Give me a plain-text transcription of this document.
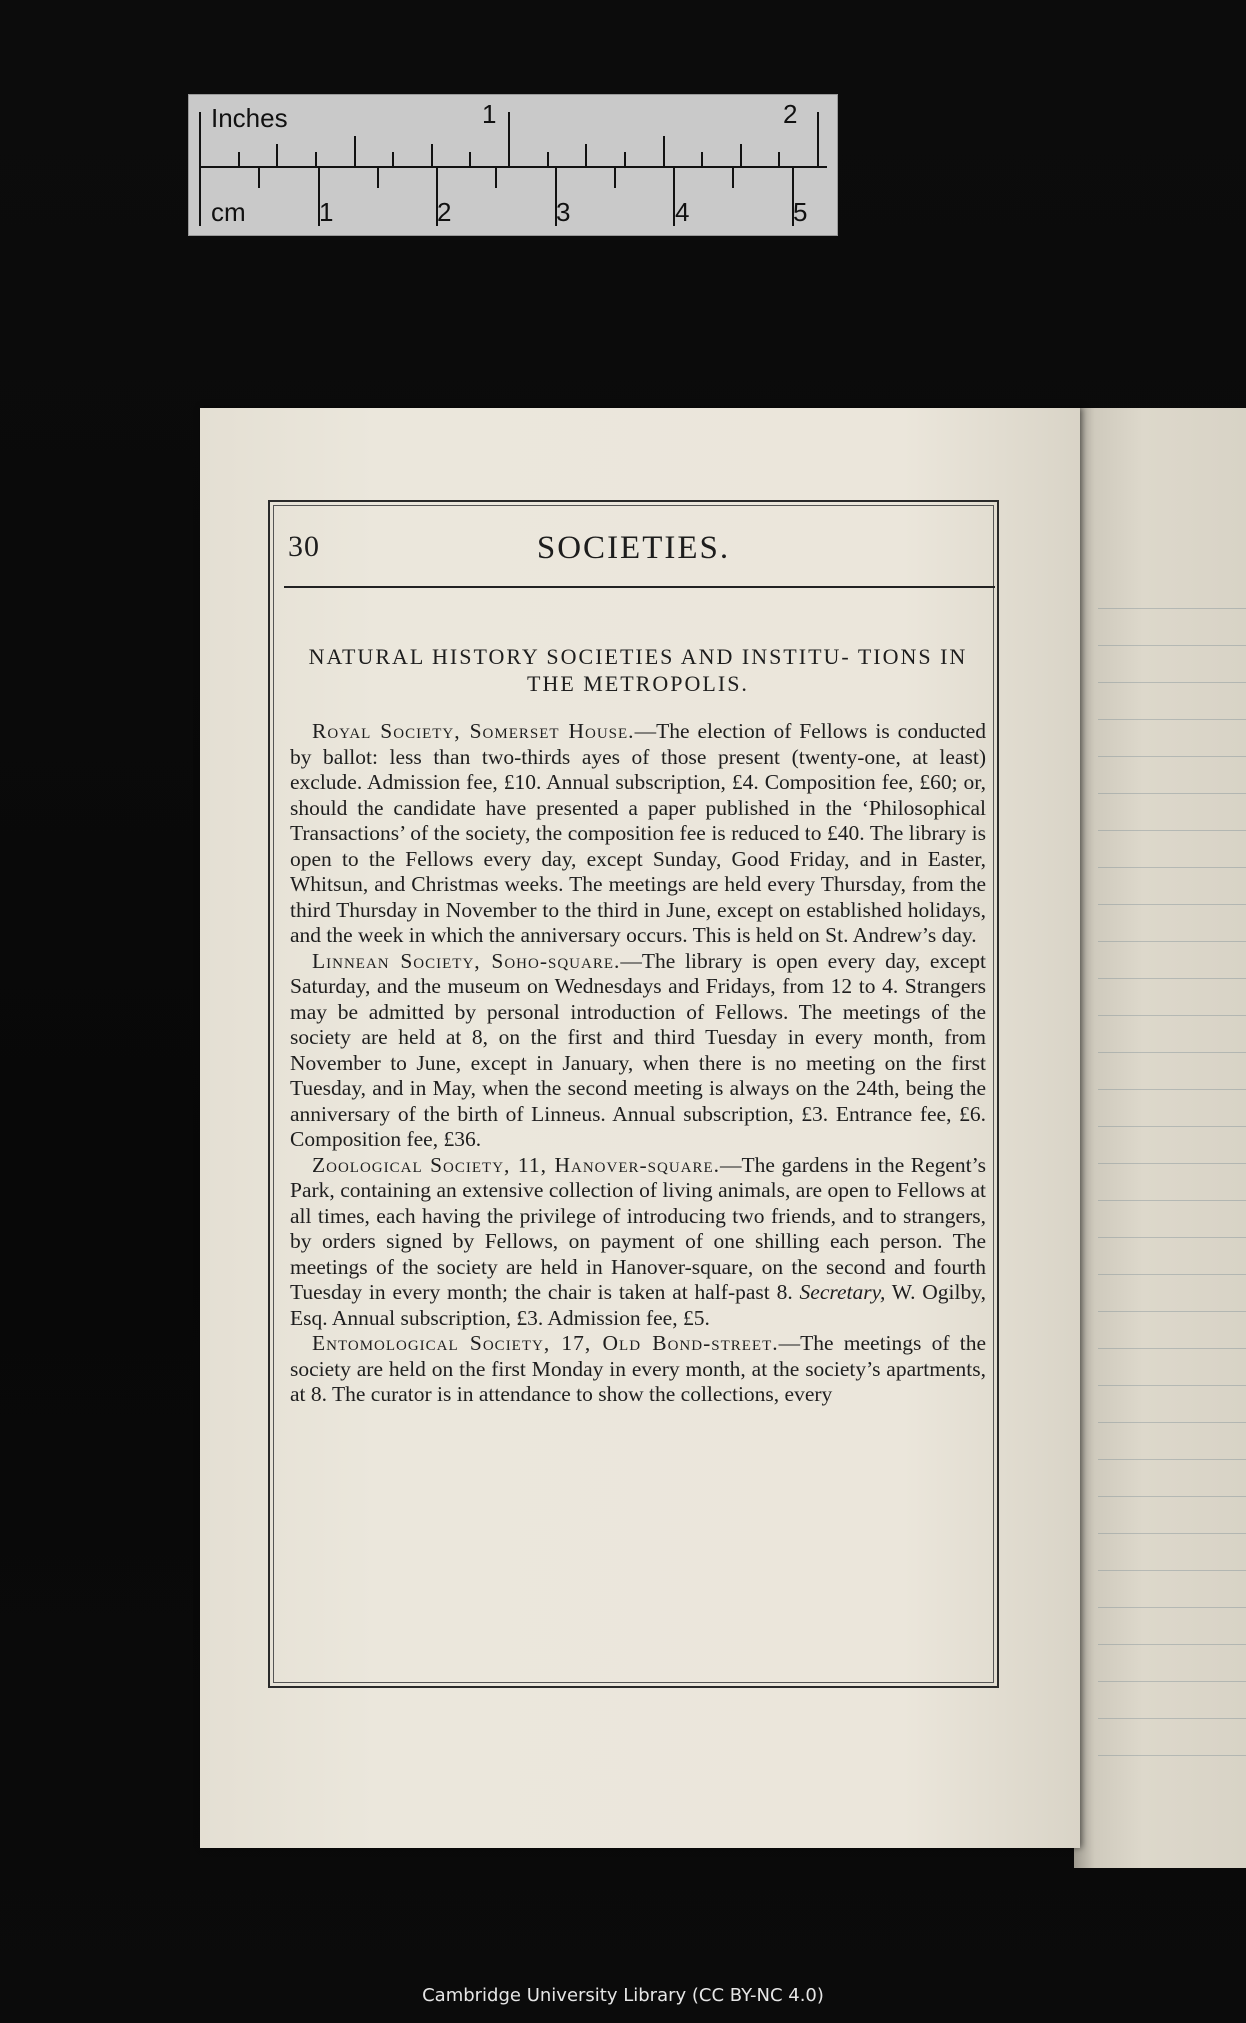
Inches	1	2
cm	1	2	3	4	5
30	SOCIETIES.
NATURAL HISTORY SOCIETIES AND INSTITU- TIONS IN THE METROPOLIS.

Royal Society, Somerset House.—The election of Fellows is conducted by ballot: less than two-thirds ayes of those present (twenty-one, at least) exclude. Admission fee, £10. Annual subscription, £4. Composition fee, £60; or, should the candidate have presented a paper published in the ‘Philosophical Transactions’ of the society, the composition fee is reduced to £40. The library is open to the Fellows every day, except Sunday, Good Friday, and in Easter, Whitsun, and Christmas weeks. The meetings are held every Thursday, from the third Thursday in November to the third in June, except on established holidays, and the week in which the anniversary occurs. This is held on St. Andrew’s day.

Linnean Society, Soho-square.—The library is open every day, except Saturday, and the museum on Wednesdays and Fridays, from 12 to 4. Strangers may be admitted by personal introduction of Fellows. The meetings of the society are held at 8, on the first and third Tuesday in every month, from November to June, except in January, when there is no meeting on the first Tuesday, and in May, when the second meeting is always on the 24th, being the anniversary of the birth of Linneus. Annual subscription, £3. Entrance fee, £6. Composition fee, £36.

Zoological Society, 11, Hanover-square.—The gardens in the Regent’s Park, containing an extensive collection of living animals, are open to Fellows at all times, each having the privilege of introducing two friends, and to strangers, by orders signed by Fellows, on payment of one shilling each person. The meetings of the society are held in Hanover-square, on the second and fourth Tuesday in every month; the chair is taken at half-past 8. Secretary, W. Ogilby, Esq. Annual subscription, £3. Admission fee, £5.

Entomological Society, 17, Old Bond-street.—The meetings of the society are held on the first Monday in every month, at the society’s apartments, at 8. The curator is in attendance to show the collections, every

Cambridge University Library (CC BY-NC 4.0)
